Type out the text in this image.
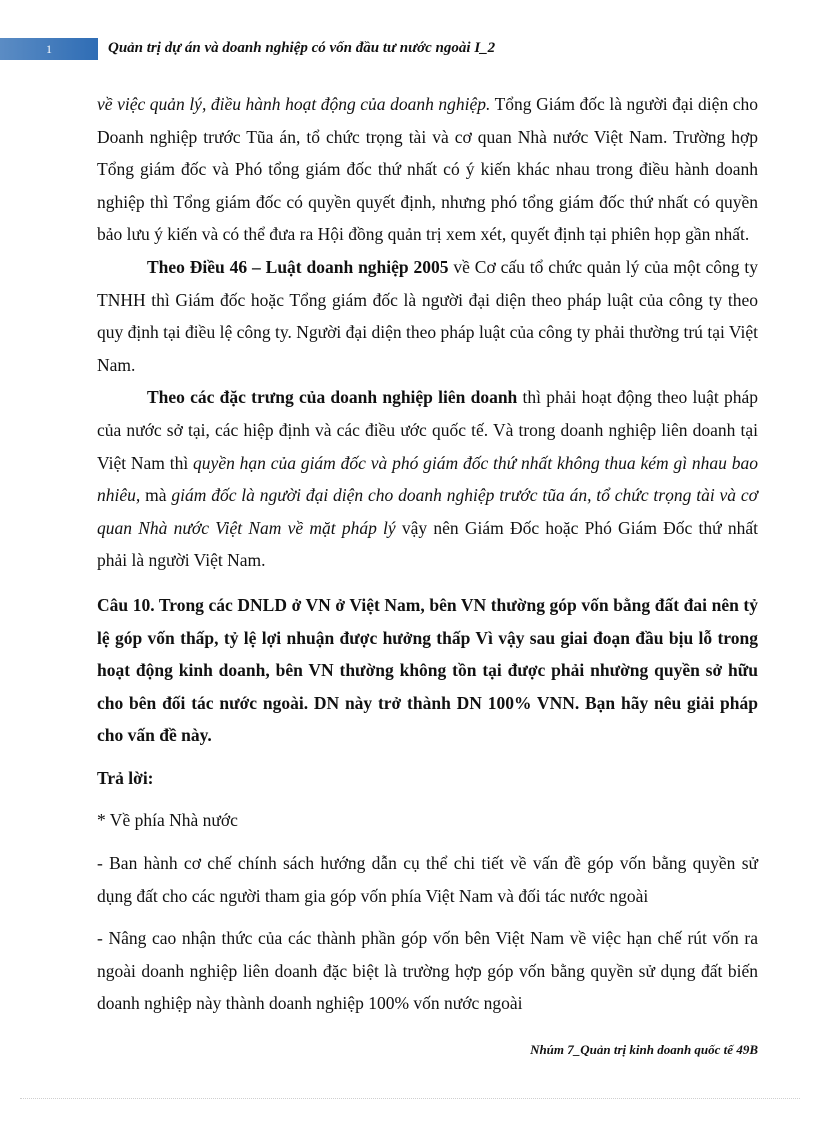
1	Quản trị dự án và doanh nghiệp có vốn đầu tư nước ngoài I_2

về việc quản lý, điều hành hoạt động của doanh nghiệp. Tổng Giám đốc là người đại diện cho Doanh nghiệp trước Tũa án, tổ chức trọng tài và cơ quan Nhà nước Việt Nam. Trường hợp Tổng giám đốc và Phó tổng giám đốc thứ nhất có ý kiến khác nhau trong điều hành doanh nghiệp thì Tổng giám đốc có quyền quyết định, nhưng phó tổng giám đốc thứ nhất có quyền bảo lưu ý kiến và có thể đưa ra Hội đồng quản trị xem xét, quyết định tại phiên họp gần nhất.

Theo Điều 46 – Luật doanh nghiệp 2005 về Cơ cấu tổ chức quản lý của một công ty TNHH thì Giám đốc hoặc Tổng giám đốc là người đại diện theo pháp luật của công ty theo quy định tại điều lệ công ty. Người đại diện theo pháp luật của công ty phải thường trú tại Việt Nam.

Theo các đặc trưng của doanh nghiệp liên doanh thì phải hoạt động theo luật pháp của nước sở tại, các hiệp định và các điều ước quốc tế. Và trong doanh nghiệp liên doanh tại Việt Nam thì quyền hạn của giám đốc và phó giám đốc thứ nhất không thua kém gì nhau bao nhiêu, mà giám đốc là người đại diện cho doanh nghiệp trước tũa án, tổ chức trọng tài và cơ quan Nhà nước Việt Nam về mặt pháp lý vậy nên Giám Đốc hoặc Phó Giám Đốc thứ nhất phải là người Việt Nam.

Câu 10. Trong các DNLD ở VN ở Việt Nam, bên VN thường góp vốn bằng đất đai nên tỷ lệ góp vốn thấp, tỷ lệ lợi nhuận được hưởng thấp Vì vậy sau giai đoạn đầu bịu lỗ trong hoạt động kinh doanh, bên VN thường không tồn tại được phải nhường quyền sở hữu cho bên đối tác nước ngoài. DN này trở thành DN 100% VNN. Bạn hãy nêu giải pháp cho vấn đề này.

Trả lời:

* Về phía Nhà nước

- Ban hành cơ chế chính sách hướng dẫn cụ thể chi tiết về vấn đề góp vốn bằng quyền sử dụng đất cho các người tham gia góp vốn phía Việt Nam và đối tác nước ngoài

- Nâng cao nhận thức của các thành phần góp vốn bên Việt Nam về việc hạn chế rút vốn ra ngoài doanh nghiệp liên doanh đặc biệt là trường hợp góp vốn bằng quyền sử dụng đất biến doanh nghiệp này thành doanh nghiệp 100% vốn nước ngoài

Nhúm 7_Quản trị kinh doanh quốc tế 49B
